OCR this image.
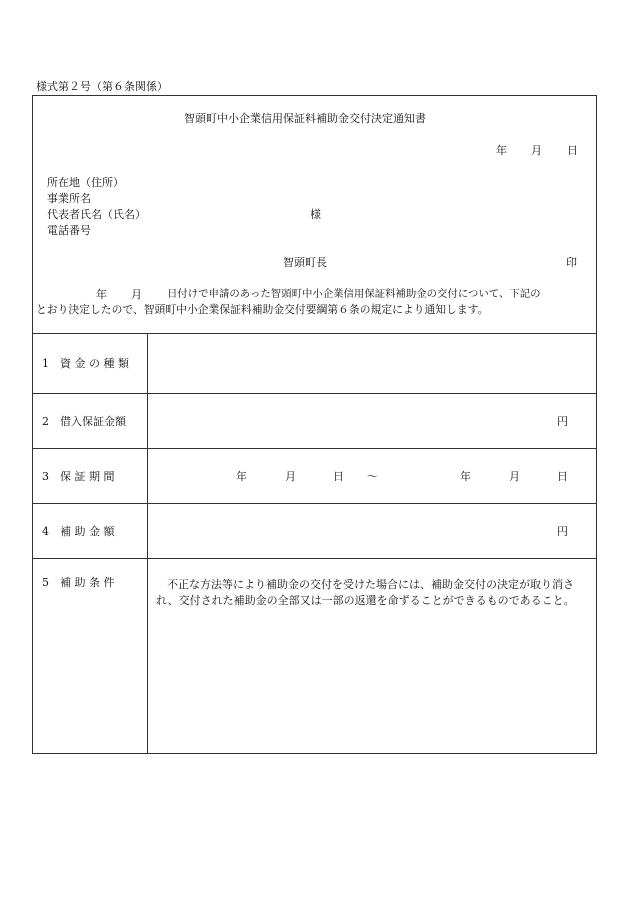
様式第２号（第６条関係）
智頭町中小企業信用保証料補助金交付決定通知書
年 月 日
所在地（住所）
事業所名
代表者氏名（氏名）	様
電話番号
智頭町長	印
年 月 日付けで申請のあった智頭町中小企業信用保証料補助金の交付について、下記の
とおり決定したので、智頭町中小企業保証料補助金交付要綱第６条の規定により通知します。
1　資 金 の 種 類
2　借入保証金額	円
3　保 証 期 間	年	月	日 ～	年	月	日
4　補 助 金 額	円
5　補 助 条 件	不正な方法等により補助金の交付を受けた場合には、補助金交付の決定が取り消され、交付された補助金の全部又は一部の返還を命ずることができるものであること。
